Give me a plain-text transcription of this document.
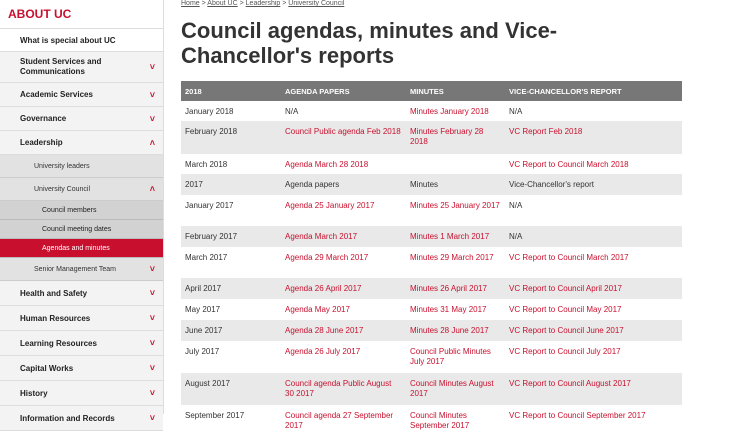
ABOUT UC
What is special about UC
Student Services and Communications	˅
Academic Services	˅
Governance	˅
Leadership	˄
University leaders
University Council	˄
Council members
Council meeting dates
Agendas and minutes
Senior Management Team	˅
Health and Safety	˅
Human Resources	˅
Learning Resources	˅
Capital Works	˅
History	˅
Information and Records	˅
Home > About UC > Leadership > University Council
Council agendas, minutes and Vice-Chancellor's reports
2018	AGENDA PAPERS	MINUTES	VICE-CHANCELLOR'S REPORT
January 2018	N/A	Minutes January 2018	N/A
February 2018	Council Public agenda Feb 2018	Minutes February 28 2018	VC Report Feb 2018
March 2018	Agenda March 28 2018		VC Report to Council March 2018
2017	Agenda papers	Minutes	Vice-Chancellor's report
January 2017	Agenda 25 January 2017	Minutes 25 January 2017	N/A
February 2017	Agenda March 2017	Minutes 1 March 2017	N/A
March 2017	Agenda 29 March 2017	Minutes 29 March 2017	VC Report to Council March 2017
April 2017	Agenda 26 April 2017	Minutes 26 April 2017	VC Report to Council April 2017
May 2017	Agenda May 2017	Minutes 31 May 2017	VC Report to Council May 2017
June 2017	Agenda 28 June 2017	Minutes 28 June 2017	VC Report to Council June 2017
July 2017	Agenda 26 July 2017	Council Public Minutes July 2017	VC Report to Council July 2017
August 2017	Council agenda Public August 30 2017	Council Minutes August 2017	VC Report to Council August 2017
September 2017	Council agenda 27 September 2017	Council Minutes September 2017	VC Report to Council September 2017
